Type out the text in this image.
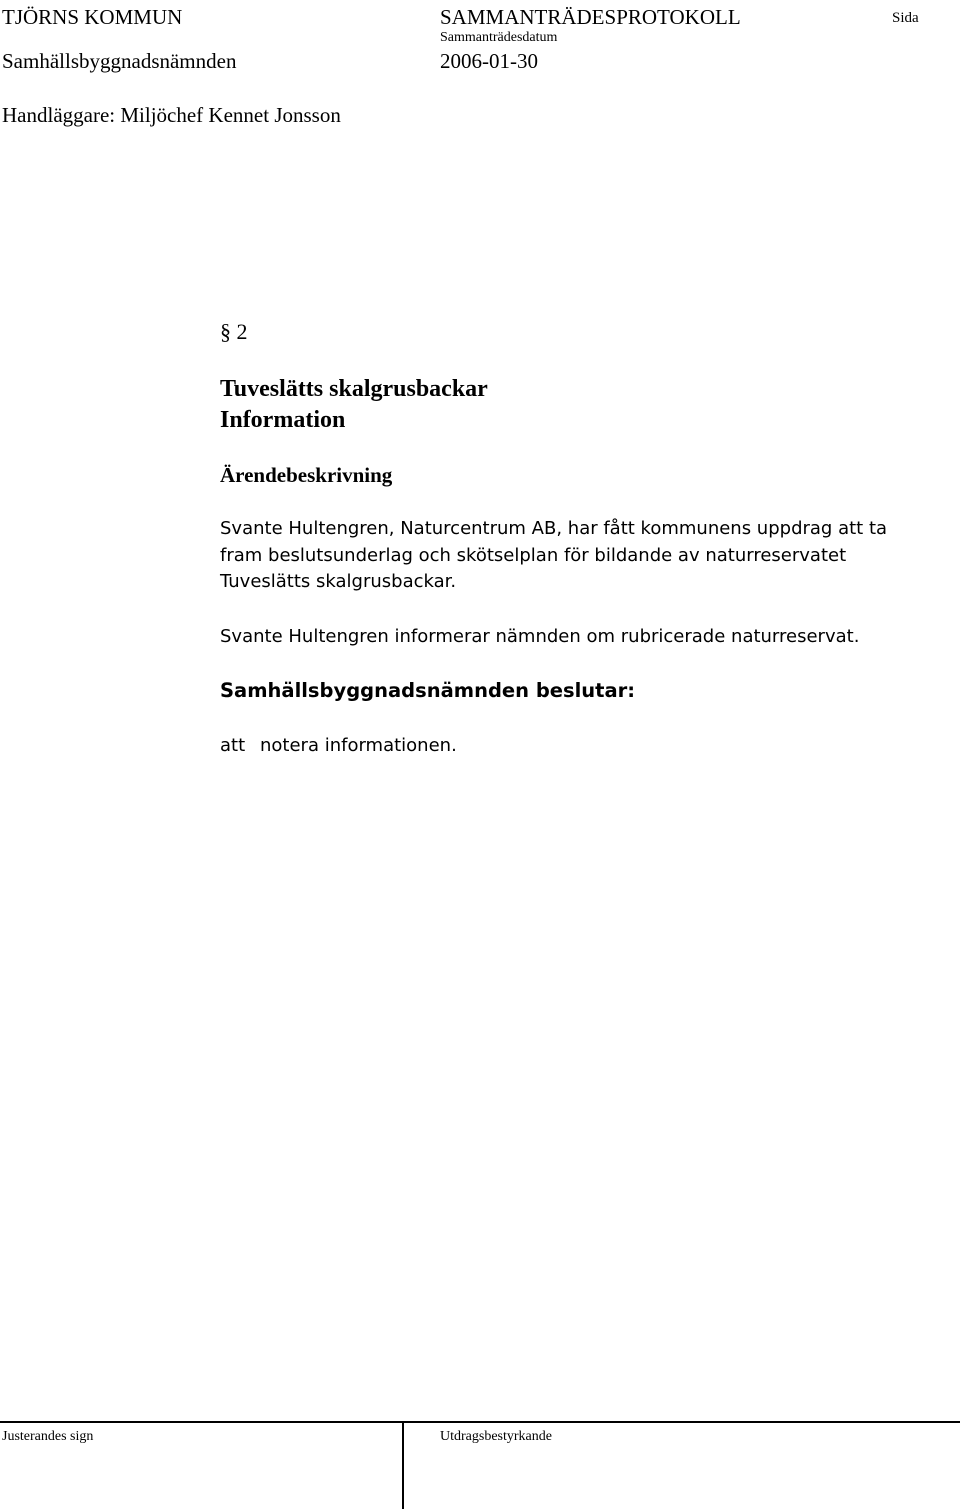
TJÖRNS KOMMUN	SAMMANTRÄDESPROTOKOLL	Sida
Sammanträdesdatum
Samhällsbyggnadsnämnden	2006-01-30
Handläggare: Miljöchef Kennet Jonsson
§ 2
Tuveslätts skalgrusbackar
Information
Ärendebeskrivning
Svante Hultengren, Naturcentrum AB, har fått kommunens uppdrag att ta
fram beslutsunderlag och skötselplan för bildande av naturreservatet
Tuveslätts skalgrusbackar.
Svante Hultengren informerar nämnden om rubricerade naturreservat.
Samhällsbyggnadsnämnden beslutar:
att notera informationen.
Justerandes sign	Utdragsbestyrkande
